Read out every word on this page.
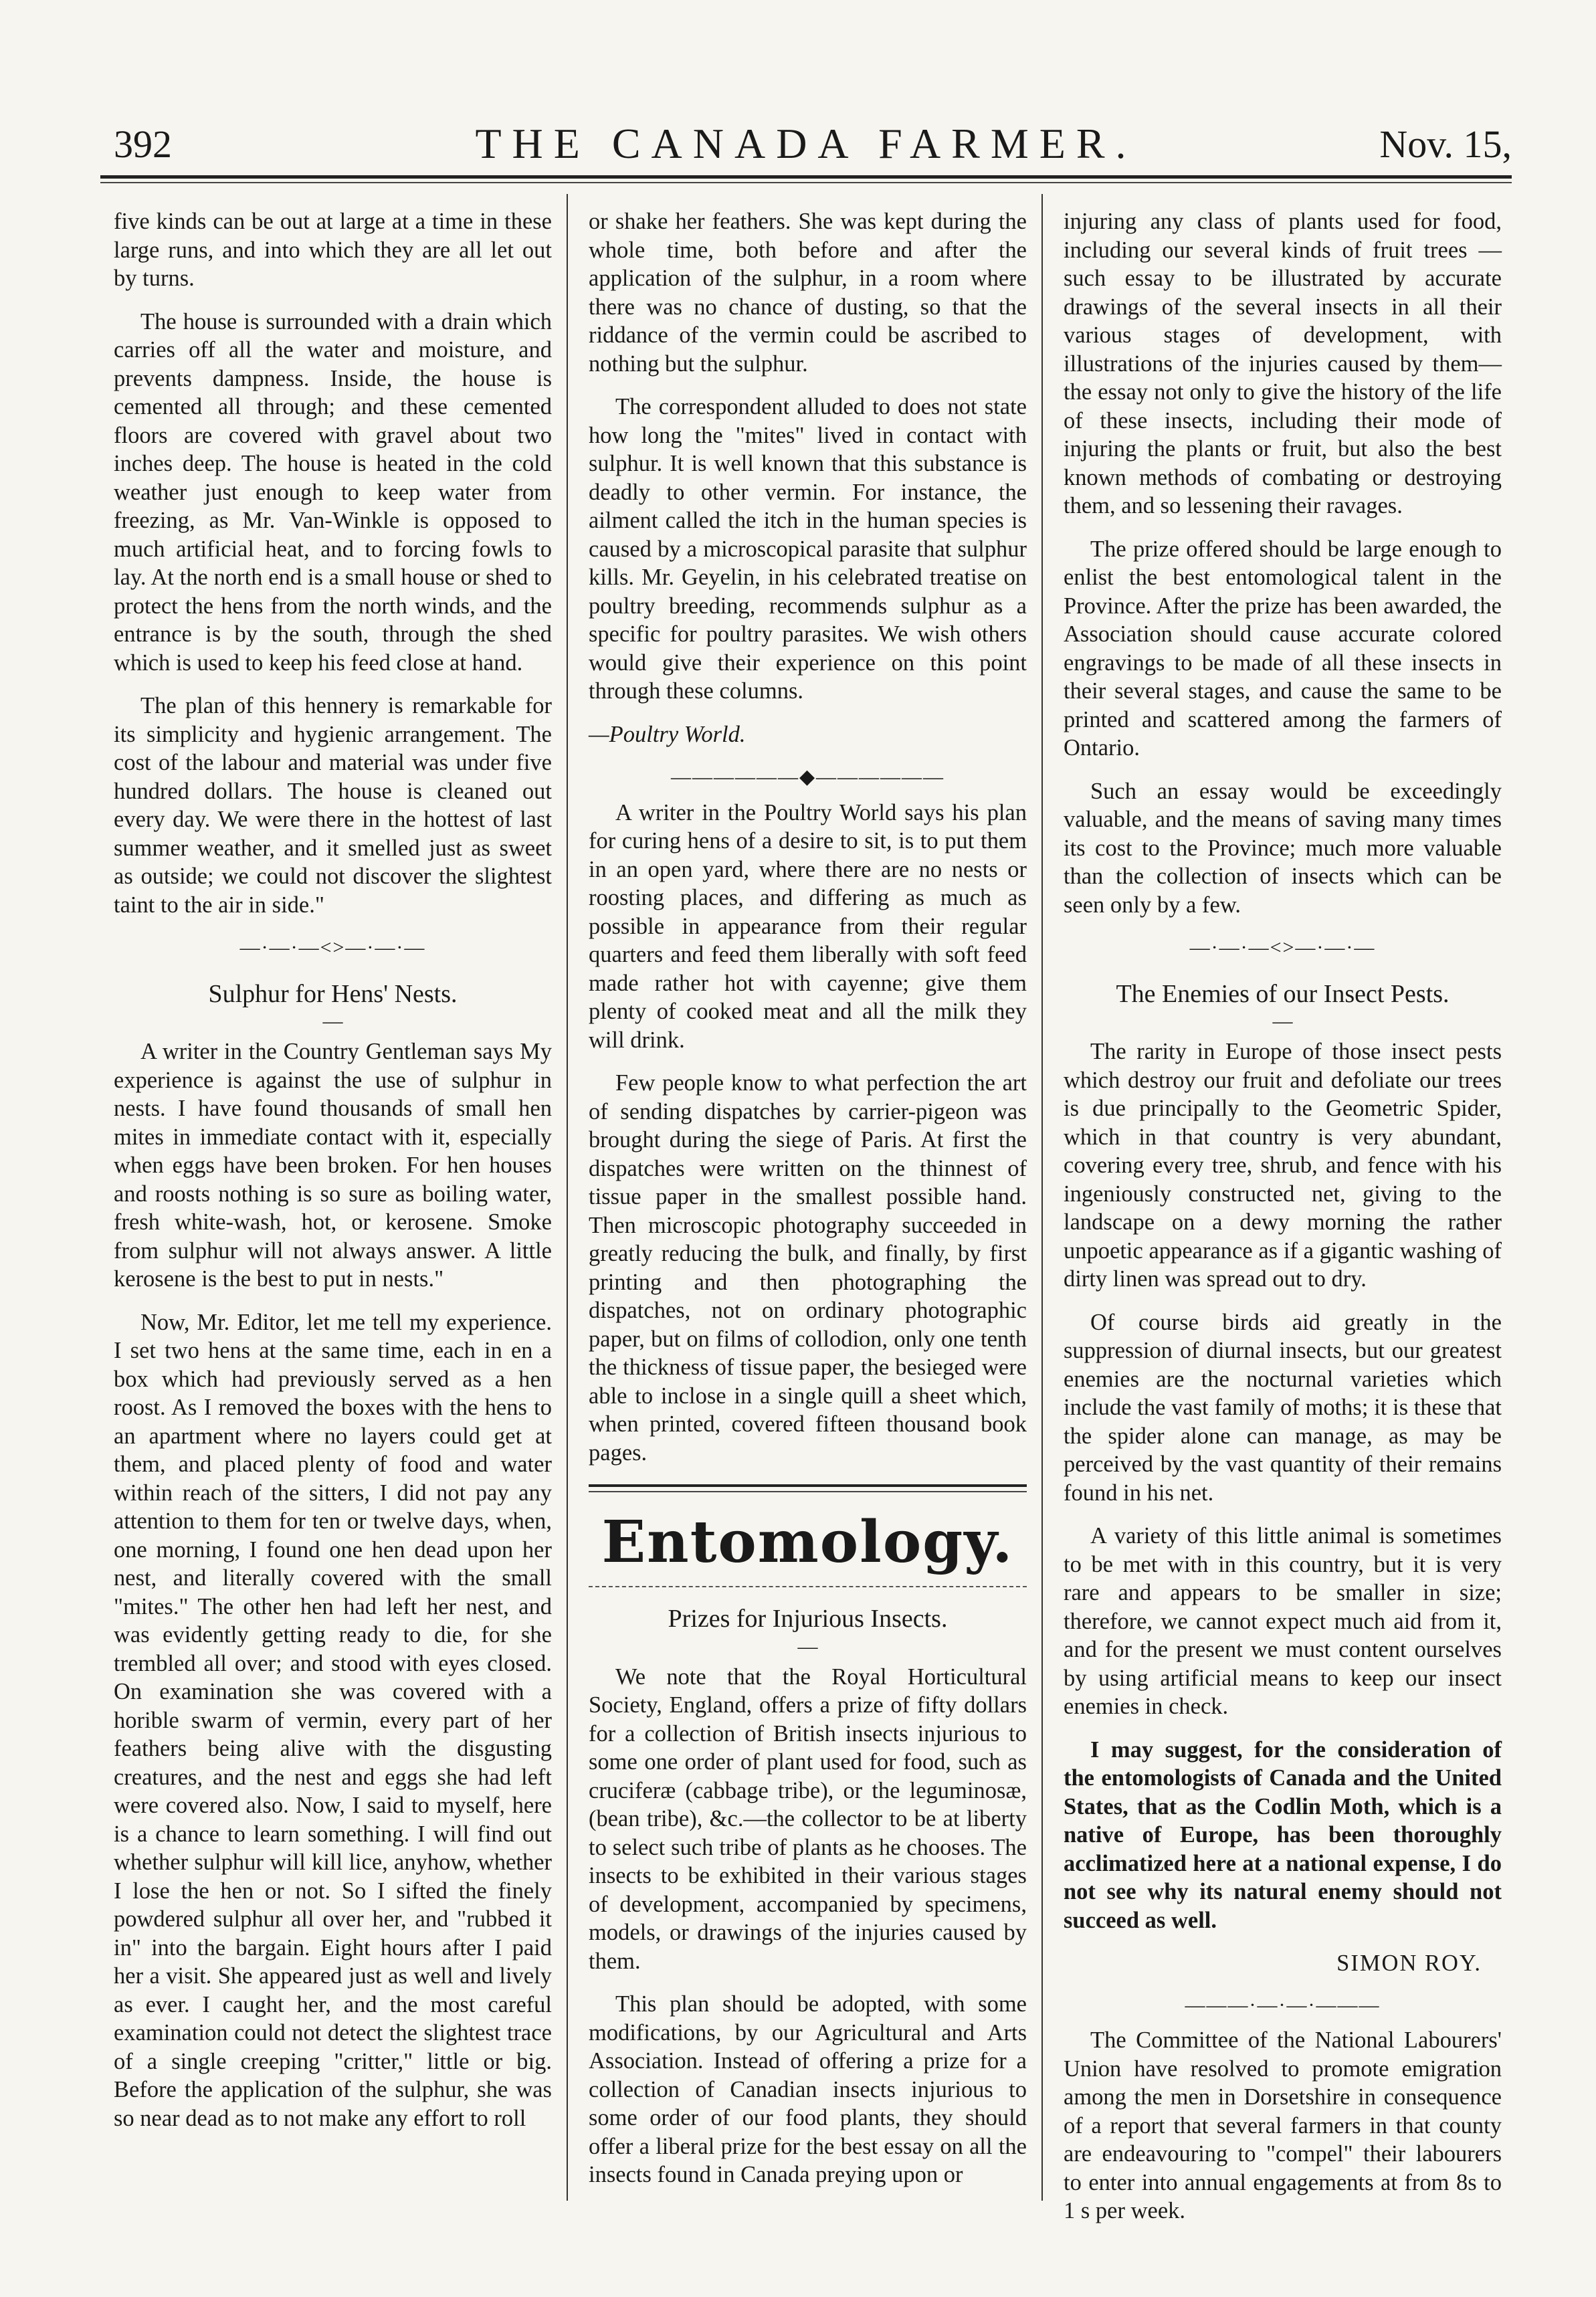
392	THE CANADA FARMER.	Nov. 15,

five kinds can be out at large at a time in these large runs, and into which they are all let out by turns.

The house is surrounded with a drain which carries off all the water and moisture, and prevents dampness. Inside, the house is cemented all through; and these cemented floors are covered with gravel about two inches deep. The house is heated in the cold weather just enough to keep water from freezing, as Mr. Van-Winkle is opposed to much artificial heat, and to forcing fowls to lay. At the north end is a small house or shed to protect the hens from the north winds, and the entrance is by the south, through the shed which is used to keep his feed close at hand.

The plan of this hennery is remarkable for its simplicity and hygienic arrangement. The cost of the labour and material was under five hundred dollars. The house is cleaned out every day. We were there in the hottest of last summer weather, and it smelled just as sweet as outside; we could not discover the slightest taint to the air in side."

—·—·—<>—·—·—
Sulphur for Hens' Nests.
—

A writer in the Country Gentleman says My experience is against the use of sulphur in nests. I have found thousands of small hen mites in immediate contact with it, especially when eggs have been broken. For hen houses and roosts nothing is so sure as boiling water, fresh white-wash, hot, or kerosene. Smoke from sulphur will not always answer. A little kerosene is the best to put in nests."

Now, Mr. Editor, let me tell my experience. I set two hens at the same time, each in en a box which had previously served as a hen roost. As I removed the boxes with the hens to an apartment where no layers could get at them, and placed plenty of food and water within reach of the sitters, I did not pay any attention to them for ten or twelve days, when, one morning, I found one hen dead upon her nest, and literally covered with the small "mites." The other hen had left her nest, and was evidently getting ready to die, for she trembled all over; and stood with eyes closed. On examination she was covered with a horible swarm of vermin, every part of her feathers being alive with the disgusting creatures, and the nest and eggs she had left were covered also. Now, I said to myself, here is a chance to learn something. I will find out whether sulphur will kill lice, anyhow, whether I lose the hen or not. So I sifted the finely powdered sulphur all over her, and "rubbed it in" into the bargain. Eight hours after I paid her a visit. She appeared just as well and lively as ever. I caught her, and the most careful examination could not detect the slightest trace of a single creeping "critter," little or big. Before the application of the sulphur, she was so near dead as to not make any effort to roll

or shake her feathers. She was kept during the whole time, both before and after the application of the sulphur, in a room where there was no chance of dusting, so that the riddance of the vermin could be ascribed to nothing but the sulphur.

The correspondent alluded to does not state how long the "mites" lived in contact with sulphur. It is well known that this substance is deadly to other vermin. For instance, the ailment called the itch in the human species is caused by a microscopical parasite that sulphur kills. Mr. Geyelin, in his celebrated treatise on poultry breeding, recommends sulphur as a specific for poultry parasites. We wish others would give their experience on this point through these columns.

—Poultry World.

——————◆——————

A writer in the Poultry World says his plan for curing hens of a desire to sit, is to put them in an open yard, where there are no nests or roosting places, and differing as much as possible in appearance from their regular quarters and feed them liberally with soft feed made rather hot with cayenne; give them plenty of cooked meat and all the milk they will drink.

Few people know to what perfection the art of sending dispatches by carrier-pigeon was brought during the siege of Paris. At first the dispatches were written on the thinnest of tissue paper in the smallest possible hand. Then microscopic photography succeeded in greatly reducing the bulk, and finally, by first printing and then photographing the dispatches, not on ordinary photographic paper, but on films of collodion, only one tenth the thickness of tissue paper, the besieged were able to inclose in a single quill a sheet which, when printed, covered fifteen thousand book pages.

Entomology.
Prizes for Injurious Insects.
—

We note that the Royal Horticultural Society, England, offers a prize of fifty dollars for a collection of British insects injurious to some one order of plant used for food, such as cruciferæ (cabbage tribe), or the leguminosæ, (bean tribe), &c.—the collector to be at liberty to select such tribe of plants as he chooses. The insects to be exhibited in their various stages of development, accompanied by specimens, models, or drawings of the injuries caused by them.

This plan should be adopted, with some modifications, by our Agricultural and Arts Association. Instead of offering a prize for a collection of Canadian insects injurious to some order of our food plants, they should offer a liberal prize for the best essay on all the insects found in Canada preying upon or

injuring any class of plants used for food, including our several kinds of fruit trees —such essay to be illustrated by accurate drawings of the several insects in all their various stages of development, with illustrations of the injuries caused by them—the essay not only to give the history of the life of these insects, including their mode of injuring the plants or fruit, but also the best known methods of combating or destroying them, and so lessening their ravages.

The prize offered should be large enough to enlist the best entomological talent in the Province. After the prize has been awarded, the Association should cause accurate colored engravings to be made of all these insects in their several stages, and cause the same to be printed and scattered among the farmers of Ontario.

Such an essay would be exceedingly valuable, and the means of saving many times its cost to the Province; much more valuable than the collection of insects which can be seen only by a few.

—·—·—<>—·—·—
The Enemies of our Insect Pests.
—

The rarity in Europe of those insect pests which destroy our fruit and defoliate our trees is due principally to the Geometric Spider, which in that country is very abundant, covering every tree, shrub, and fence with his ingeniously constructed net, giving to the landscape on a dewy morning the rather unpoetic appearance as if a gigantic washing of dirty linen was spread out to dry.

Of course birds aid greatly in the suppression of diurnal insects, but our greatest enemies are the nocturnal varieties which include the vast family of moths; it is these that the spider alone can manage, as may be perceived by the vast quantity of their remains found in his net.

A variety of this little animal is sometimes to be met with in this country, but it is very rare and appears to be smaller in size; therefore, we cannot expect much aid from it, and for the present we must content ourselves by using artificial means to keep our insect enemies in check.

I may suggest, for the consideration of the entomologists of Canada and the United States, that as the Codlin Moth, which is a native of Europe, has been thoroughly acclimatized here at a national expense, I do not see why its natural enemy should not succeed as well.

SIMON ROY.
———·—·—·———

The Committee of the National Labourers' Union have resolved to promote emigration among the men in Dorsetshire in consequence of a report that several farmers in that county are endeavouring to "compel" their labourers to enter into annual engagements at from 8s to 1 s per week.
